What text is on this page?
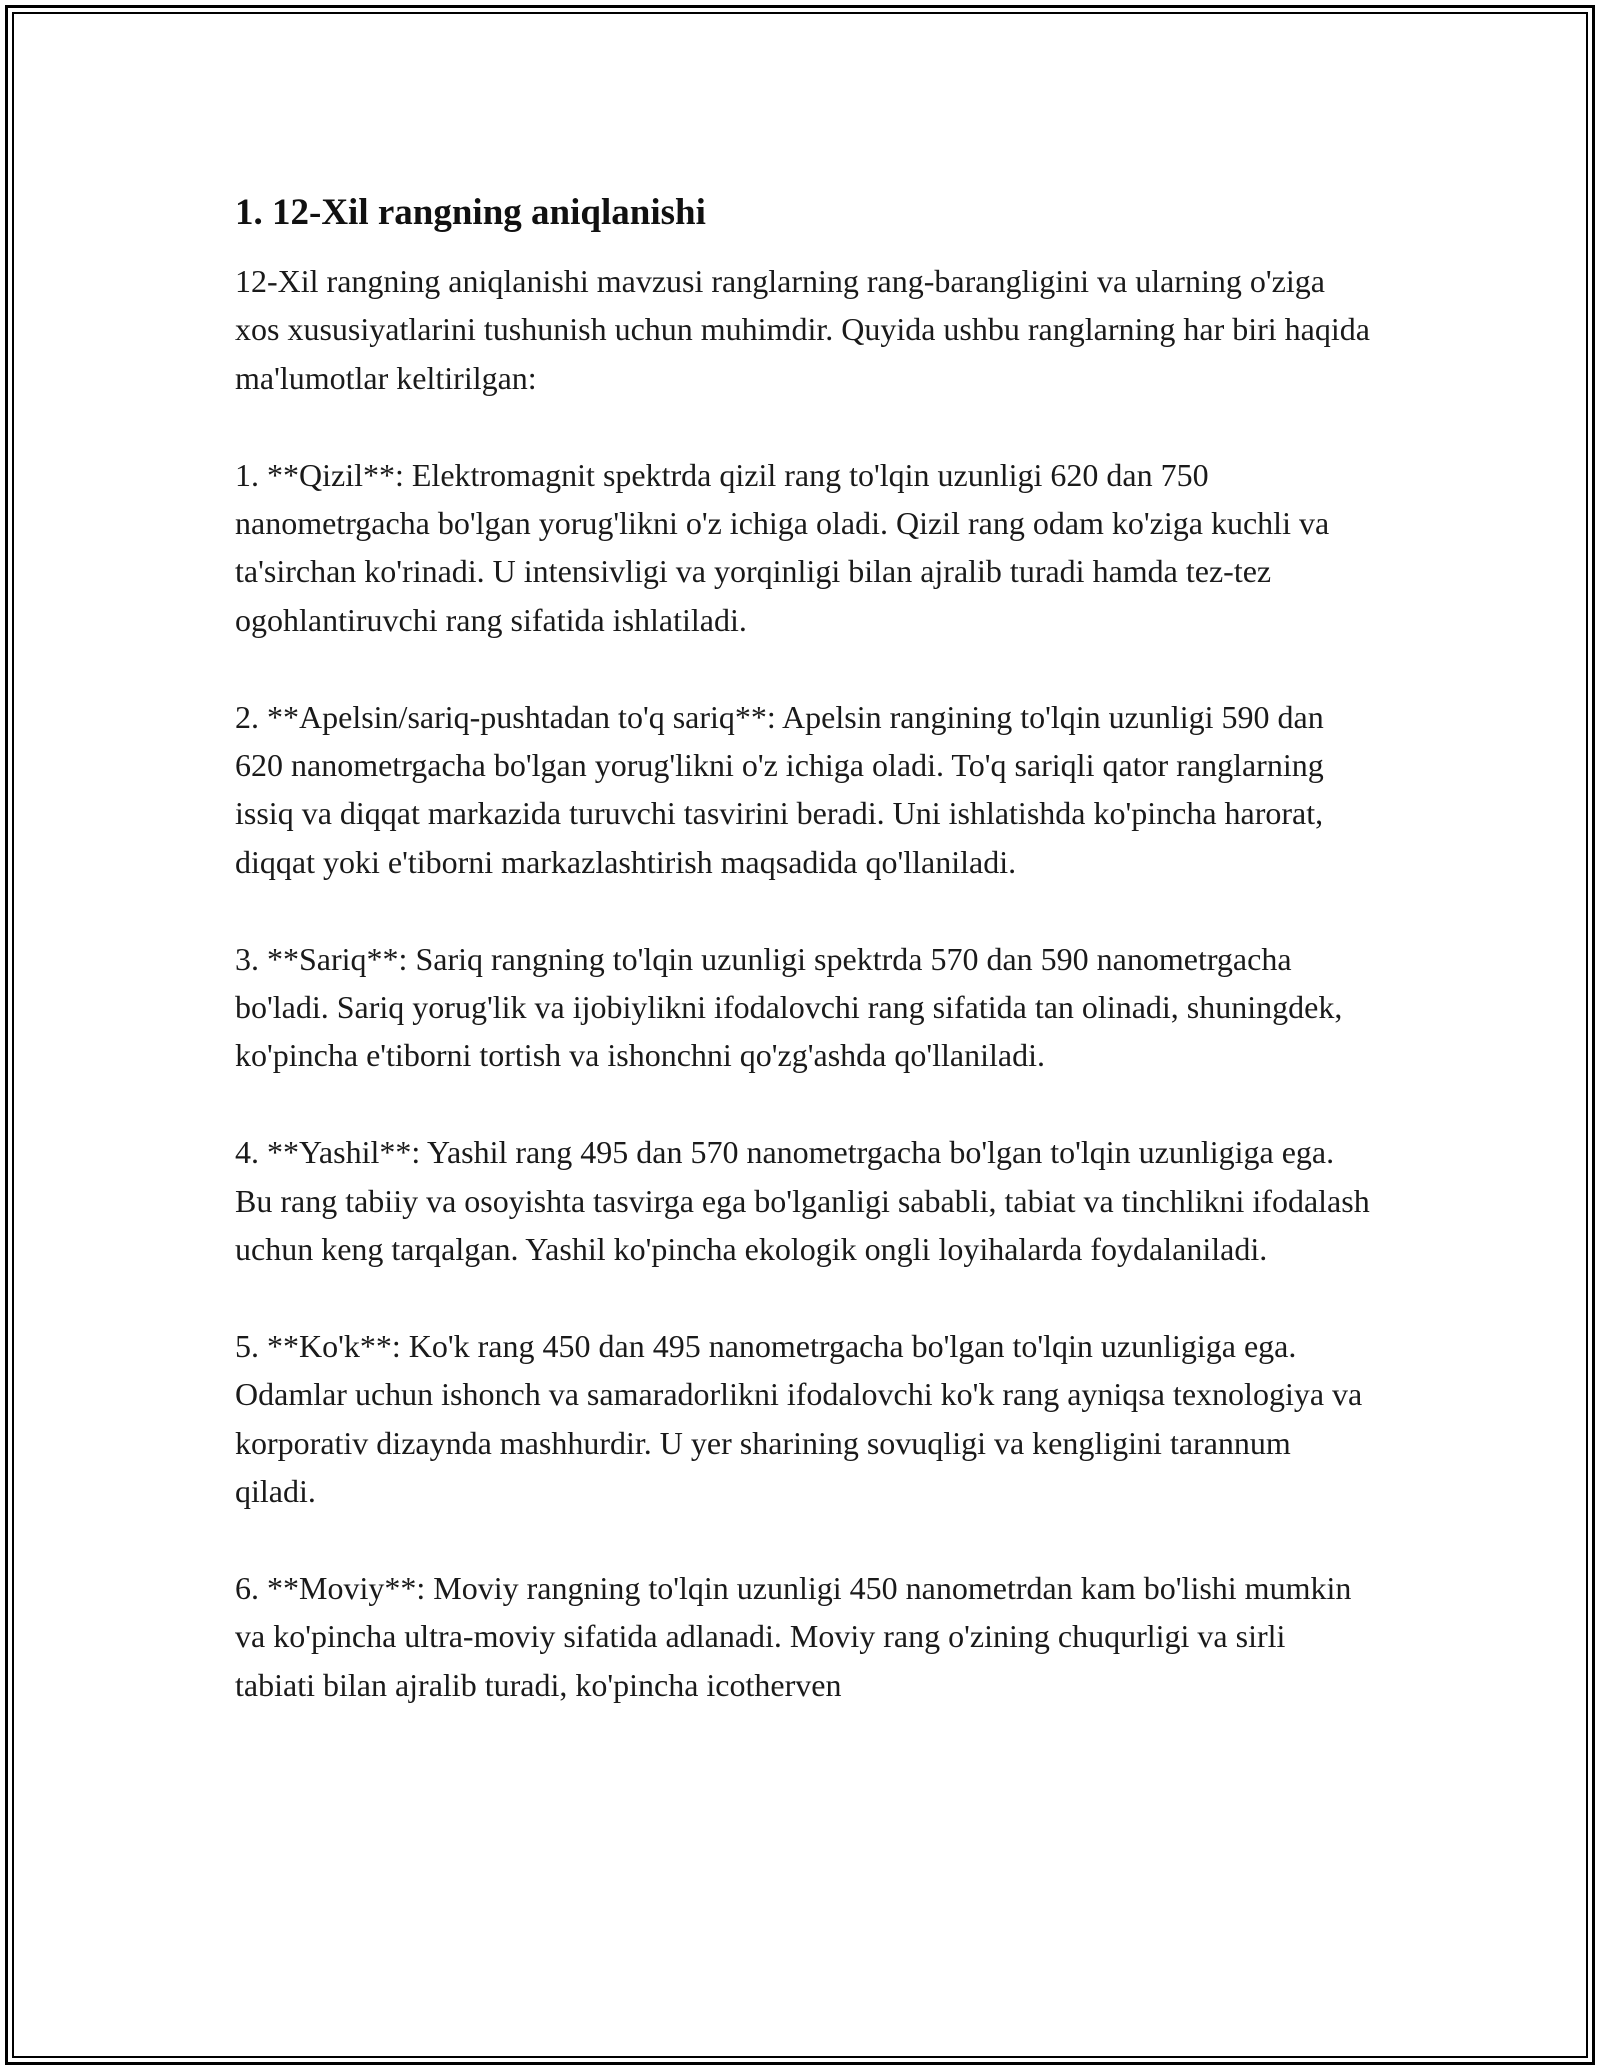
1. 12-Xil rangning aniqlanishi

12-Xil rangning aniqlanishi mavzusi ranglarning rang-barangligini va ularning o'ziga xos xususiyatlarini tushunish uchun muhimdir. Quyida ushbu ranglarning har biri haqida ma'lumotlar keltirilgan:

1. **Qizil**: Elektromagnit spektrda qizil rang to'lqin uzunligi 620 dan 750 nanometrgacha bo'lgan yorug'likni o'z ichiga oladi. Qizil rang odam ko'ziga kuchli va ta'sirchan ko'rinadi. U intensivligi va yorqinligi bilan ajralib turadi hamda tez-tez ogohlantiruvchi rang sifatida ishlatiladi.

2. **Apelsin/sariq-pushtadan to'q sariq**: Apelsin rangining to'lqin uzunligi 590 dan 620 nanometrgacha bo'lgan yorug'likni o'z ichiga oladi. To'q sariqli qator ranglarning issiq va diqqat markazida turuvchi tasvirini beradi. Uni ishlatishda ko'pincha harorat, diqqat yoki e'tiborni markazlashtirish maqsadida qo'llaniladi.

3. **Sariq**: Sariq rangning to'lqin uzunligi spektrda 570 dan 590 nanometrgacha bo'ladi. Sariq yorug'lik va ijobiylikni ifodalovchi rang sifatida tan olinadi, shuningdek, ko'pincha e'tiborni tortish va ishonchni qo'zg'ashda qo'llaniladi.

4. **Yashil**: Yashil rang 495 dan 570 nanometrgacha bo'lgan to'lqin uzunligiga ega. Bu rang tabiiy va osoyishta tasvirga ega bo'lganligi sababli, tabiat va tinchlikni ifodalash uchun keng tarqalgan. Yashil ko'pincha ekologik ongli loyihalarda foydalaniladi.

5. **Ko'k**: Ko'k rang 450 dan 495 nanometrgacha bo'lgan to'lqin uzunligiga ega. Odamlar uchun ishonch va samaradorlikni ifodalovchi ko'k rang ayniqsa texnologiya va korporativ dizaynda mashhurdir. U yer sharining sovuqligi va kengligini tarannum qiladi.

6. **Moviy**: Moviy rangning to'lqin uzunligi 450 nanometrdan kam bo'lishi mumkin va ko'pincha ultra-moviy sifatida adlanadi. Moviy rang o'zining chuqurligi va sirli tabiati bilan ajralib turadi, ko'pincha icotherven
